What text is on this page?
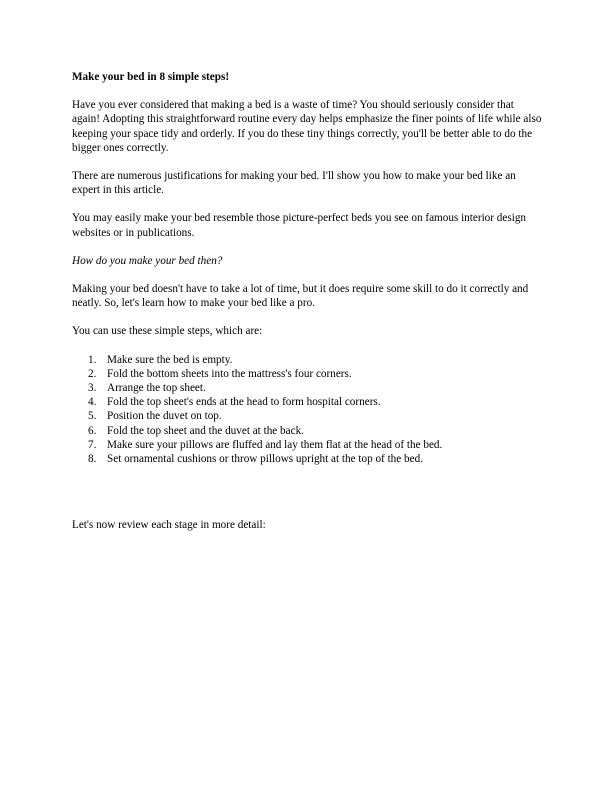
Make your bed in 8 simple steps!

Have you ever considered that making a bed is a waste of time? You should seriously consider that again! Adopting this straightforward routine every day helps emphasize the finer points of life while also keeping your space tidy and orderly. If you do these tiny things correctly, you'll be better able to do the bigger ones correctly.

There are numerous justifications for making your bed. I'll show you how to make your bed like an expert in this article.

You may easily make your bed resemble those picture-perfect beds you see on famous interior design websites or in publications.

How do you make your bed then?

Making your bed doesn't have to take a lot of time, but it does require some skill to do it correctly and neatly. So, let's learn how to make your bed like a pro.

You can use these simple steps, which are:

1. Make sure the bed is empty.
2. Fold the bottom sheets into the mattress's four corners.
3. Arrange the top sheet.
4. Fold the top sheet's ends at the head to form hospital corners.
5. Position the duvet on top.
6. Fold the top sheet and the duvet at the back.
7. Make sure your pillows are fluffed and lay them flat at the head of the bed.
8. Set ornamental cushions or throw pillows upright at the top of the bed.

Let's now review each stage in more detail:
